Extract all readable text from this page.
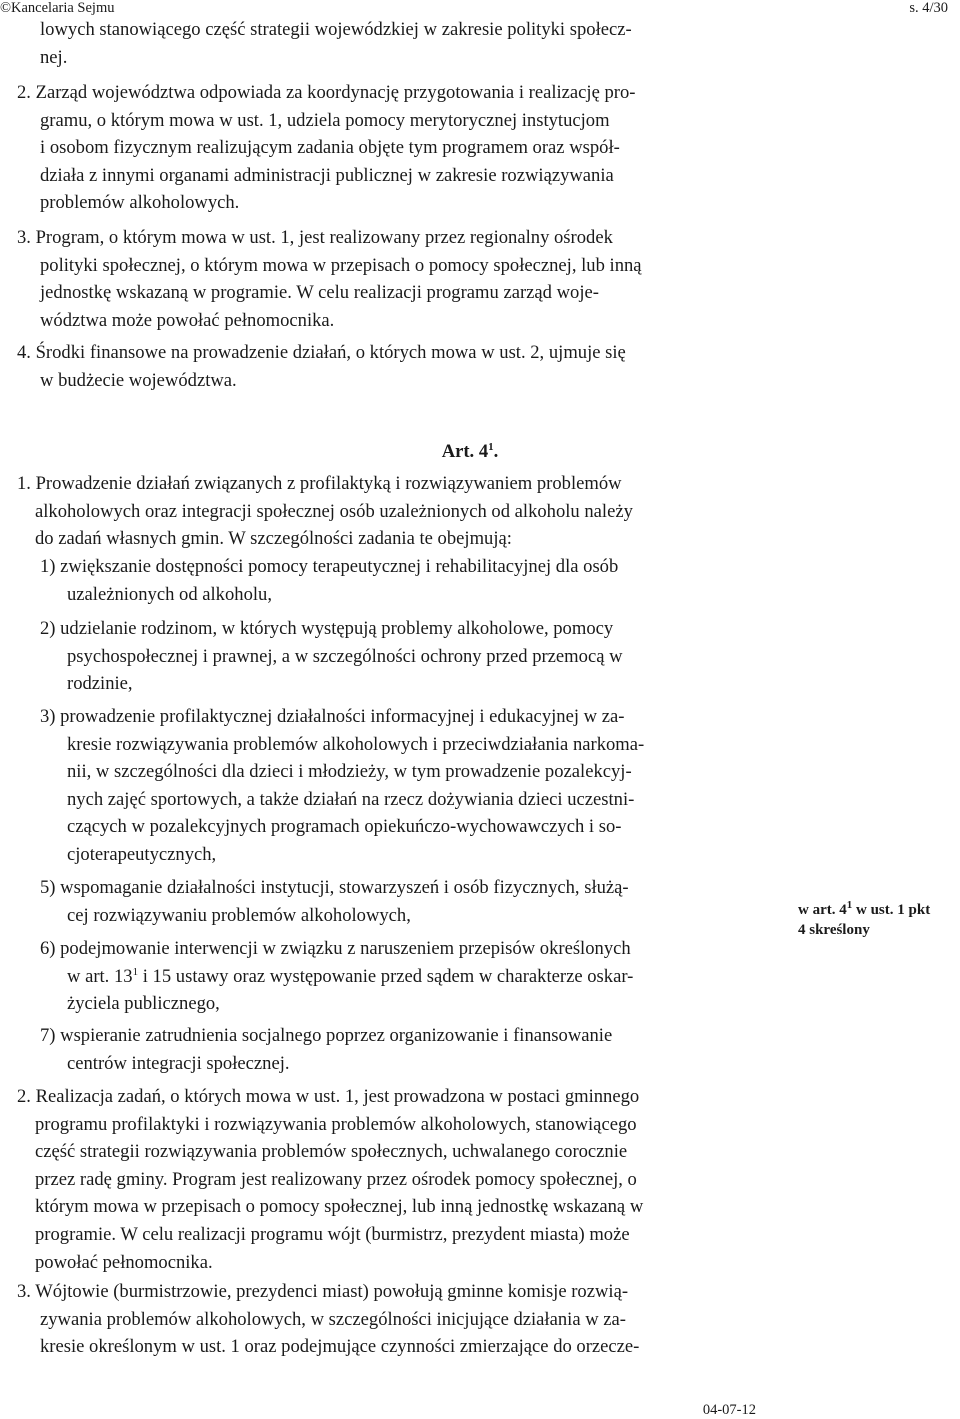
©Kancelaria Sejmu	s. 4/30
lowych stanowiącego część strategii wojewódzkiej w zakresie polityki społecz-
nej.
2. Zarząd województwa odpowiada za koordynację przygotowania i realizację pro-
gramu, o którym mowa w ust. 1, udziela pomocy merytorycznej instytucjom
i osobom fizycznym realizującym zadania objęte tym programem oraz współ-
działa z innymi organami administracji publicznej w zakresie rozwiązywania
problemów alkoholowych.
3. Program, o którym mowa w ust. 1, jest realizowany przez regionalny ośrodek
polityki społecznej, o którym mowa w przepisach o pomocy społecznej, lub inną
jednostkę wskazaną w programie. W celu realizacji programu zarząd woje-
wództwa może powołać pełnomocnika.
4. Środki finansowe na prowadzenie działań, o których mowa w ust. 2, ujmuje się
w budżecie województwa.
Art. $4^1$.
1. Prowadzenie działań związanych z profilaktyką i rozwiązywaniem problemów
alkoholowych oraz integracji społecznej osób uzależnionych od alkoholu należy
do zadań własnych gmin. W szczególności zadania te obejmują:
1) zwiększanie dostępności pomocy terapeutycznej i rehabilitacyjnej dla osób
uzależnionych od alkoholu,
2) udzielanie rodzinom, w których występują problemy alkoholowe, pomocy
psychospołecznej i prawnej, a w szczególności ochrony przed przemocą w
rodzinie,
3) prowadzenie profilaktycznej działalności informacyjnej i edukacyjnej w za-
kresie rozwiązywania problemów alkoholowych i przeciwdziałania narkoma-
nii, w szczególności dla dzieci i młodzieży, w tym prowadzenie pozalekcyj-
nych zajęć sportowych, a także działań na rzecz dożywiania dzieci uczestni-
czących w pozalekcyjnych programach opiekuńczo-wychowawczych i so-
cjoterapeutycznych,
5) wspomaganie działalności instytucji, stowarzyszeń i osób fizycznych, służą-
cej rozwiązywaniu problemów alkoholowych,
6) podejmowanie interwencji w związku z naruszeniem przepisów określonych
w art. $13^1$ i 15 ustawy oraz występowanie przed sądem w charakterze oskar-
życiela publicznego,
7) wspieranie zatrudnienia socjalnego poprzez organizowanie i finansowanie
centrów integracji społecznej.
2. Realizacja zadań, o których mowa w ust. 1, jest prowadzona w postaci gminnego
programu profilaktyki i rozwiązywania problemów alkoholowych, stanowiącego
część strategii rozwiązywania problemów społecznych, uchwalanego corocznie
przez radę gminy. Program jest realizowany przez ośrodek pomocy społecznej, o
którym mowa w przepisach o pomocy społecznej, lub inną jednostkę wskazaną w
programie. W celu realizacji programu wójt (burmistrz, prezydent miasta) może
powołać pełnomocnika.
3. Wójtowie (burmistrzowie, prezydenci miast) powołują gminne komisje rozwią-
zywania problemów alkoholowych, w szczególności inicjujące działania w za-
kresie określonym w ust. 1 oraz podejmujące czynności zmierzające do orzecze-
w art. $4^1$ w ust. 1 pkt
4 skreślony
04-07-12
